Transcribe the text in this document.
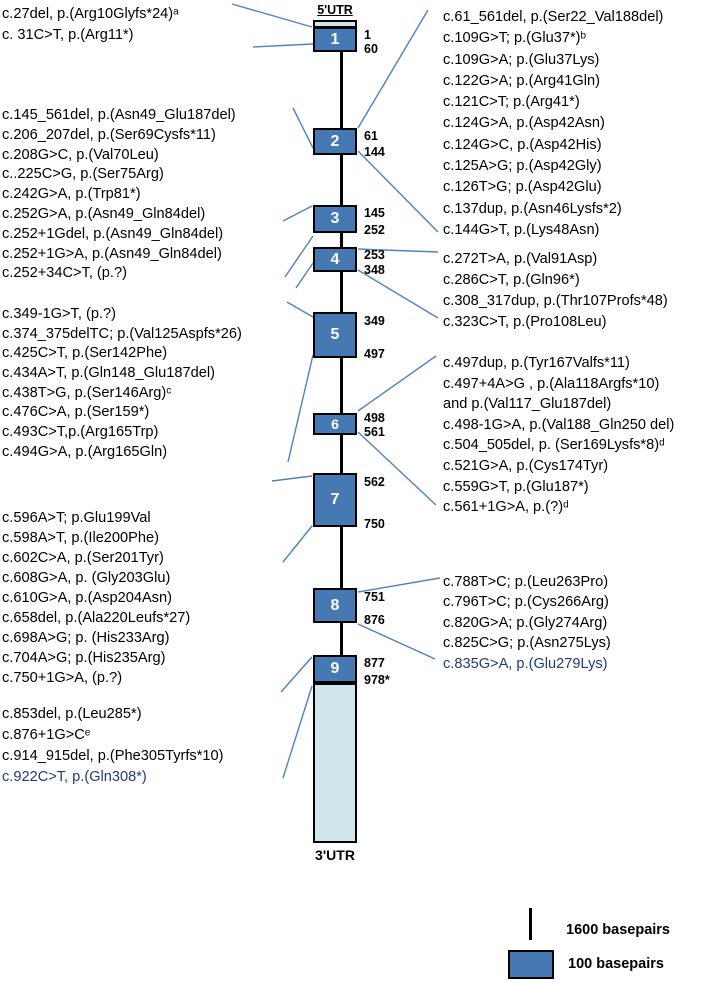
c.27del, p.(Arg10Glyfs*24)ᵃ
c. 31C>T, p.(Arg11*)
c.145_561del, p.(Asn49_Glu187del)
c.206_207del, p.(Ser69Cysfs*11)
c.208G>C, p.(Val70Leu)
c..225C>G, p.(Ser75Arg)
c.242G>A, p.(Trp81*)
c.252G>A, p.(Asn49_Gln84del)
c.252+1Gdel, p.(Asn49_Gln84del)
c.252+1G>A, p.(Asn49_Gln84del)
c.252+34C>T, (p.?)
c.349-1G>T, (p.?)
c.374_375delTC; p.(Val125Aspfs*26)
c.425C>T, p.(Ser142Phe)
c.434A>T, p.(Gln148_Glu187del)
c.438T>G, p.(Ser146Arg)ᶜ
c.476C>A, p.(Ser159*)
c.493C>T,p.(Arg165Trp)
c.494G>A, p.(Arg165Gln)
c.596A>T; p.Glu199Val
c.598A>T, p.(Ile200Phe)
c.602C>A, p.(Ser201Tyr)
c.608G>A, p. (Gly203Glu)
c.610G>A, p.(Asp204Asn)
c.658del, p.(Ala220Leufs*27)
c.698A>G; p. (His233Arg)
c.704A>G; p.(His235Arg)
c.750+1G>A, (p.?)
c.853del, p.(Leu285*)
c.876+1G>Cᵉ
c.914_915del, p.(Phe305Tyrfs*10)
c.922C>T, p.(Gln308*)
c.61_561del, p.(Ser22_Val188del)
c.109G>T; p.(Glu37*)ᵇ
c.109G>A; p.(Glu37Lys)
c.122G>A; p.(Arg41Gln)
c.121C>T; p.(Arg41*)
c.124G>A, p.(Asp42Asn)
c.124G>C, p.(Asp42His)
c.125A>G; p.(Asp42Gly)
c.126T>G; p.(Asp42Glu)
c.137dup, p.(Asn46Lysfs*2)
c.144G>T, p.(Lys48Asn)
c.272T>A, p.(Val91Asp)
c.286C>T, p.(Gln96*)
c.308_317dup, p.(Thr107Profs*48)
c.323C>T, p.(Pro108Leu)
c.497dup, p.(Tyr167Valfs*11)
c.497+4A>G , p.(Ala118Argfs*10)
and p.(Val117_Glu187del)
c.498-1G>A, p.(Val188_Gln250 del)
c.504_505del, p. (Ser169Lysfs*8)ᵈ
c.521G>A, p.(Cys174Tyr)
c.559G>T, p.(Glu187*)
c.561+1G>A, p.(?)ᵈ
c.788T>C; p.(Leu263Pro)
c.796T>C; p.(Cys266Arg)
c.820G>A; p.(Gly274Arg)
c.825C>G; p.(Asn275Lys)
c.835G>A, p.(Glu279Lys)
5'UTR
1 1
60
2 61
144
3 145
252
4 253
348
5
349
497
6 498
561
7
562
750
8 751
876
9 877
978*
3'UTR
1600 basepairs
100 basepairs
